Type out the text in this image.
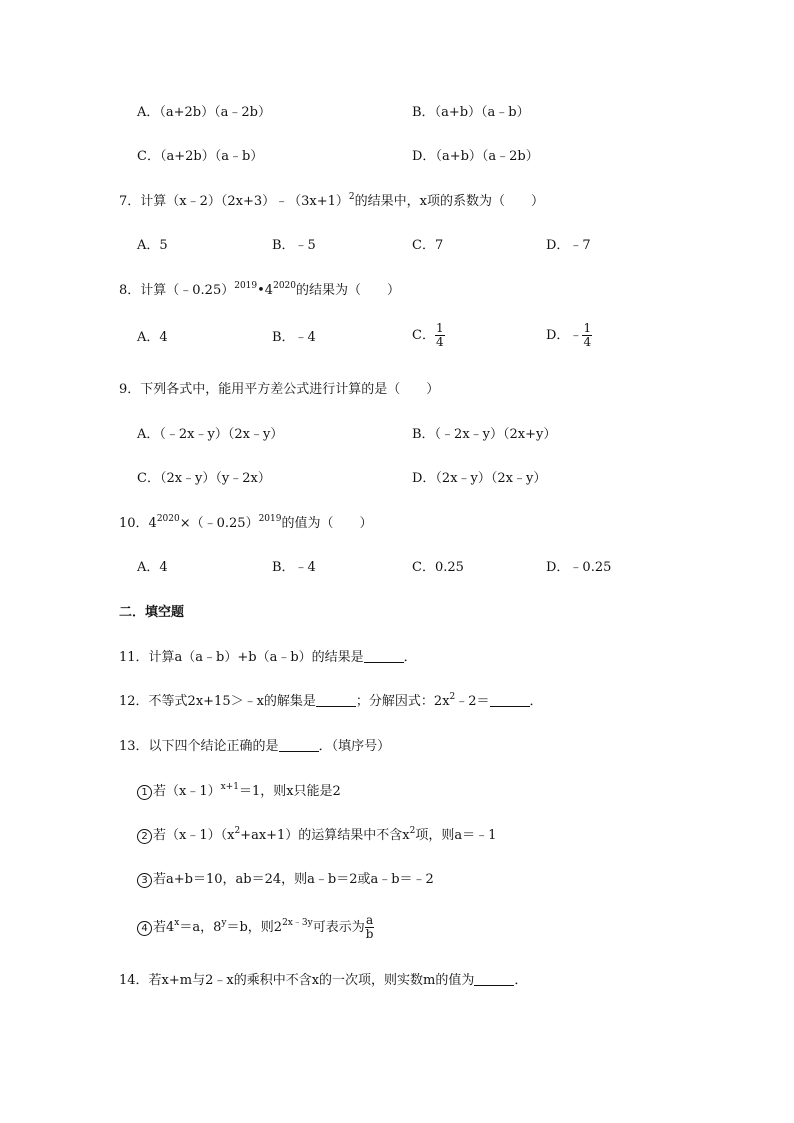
A．（a+2b）（a﹣2b）	B．（a+b）（a﹣b）
C．（a+2b）（a﹣b）	D．（a+b）（a﹣2b）
7．计算$(x﹣2)(2x+3)﹣(3x+1)^2$的结果中，x项的系数为（　　）
A．5	B．﹣5	C．7	D．﹣7
8．计算$(﹣0.25)^{2019}•4^{2020}$的结果为（　　）
A．4	B．﹣4	C． $\frac{1}{4}$	D．﹣ $\frac{1}{4}$
9．下列各式中，能用平方差公式进行计算的是（　　）
A．（﹣2x﹣y）（2x﹣y）	B．（﹣2x﹣y）（2x+y）
C．（2x﹣y）（y﹣2x）	D．（2x﹣y）（2x﹣y）
10．$4^{2020}\times(﹣0.25)^{2019}$的值为（　　）
A．4	B．﹣4	C．0.25	D．﹣0.25
二．填空题
11．计算a（a﹣b）+b（a﹣b）的结果是	．
12．不等式2x+15＞﹣x的解集是	；分解因式：$2x^2﹣2=$	．
13．以下四个结论正确的是	．（填序号）
1 若（x﹣1）$^{x+1}$＝1，则x只能是2
2 若$(x﹣1)(x^2+ax+1)$的运算结果中不含$x^2$项，则a＝﹣1
3 若a+b＝10，ab＝24，则a﹣b＝2或a﹣b＝﹣2
4 若$4^x=a$，$8^y=b$，则$2^{2x﹣3y}$可表示为 $\frac{a}{b}$
14．若x+m与2﹣x的乘积中不含x的一次项，则实数m的值为	．
